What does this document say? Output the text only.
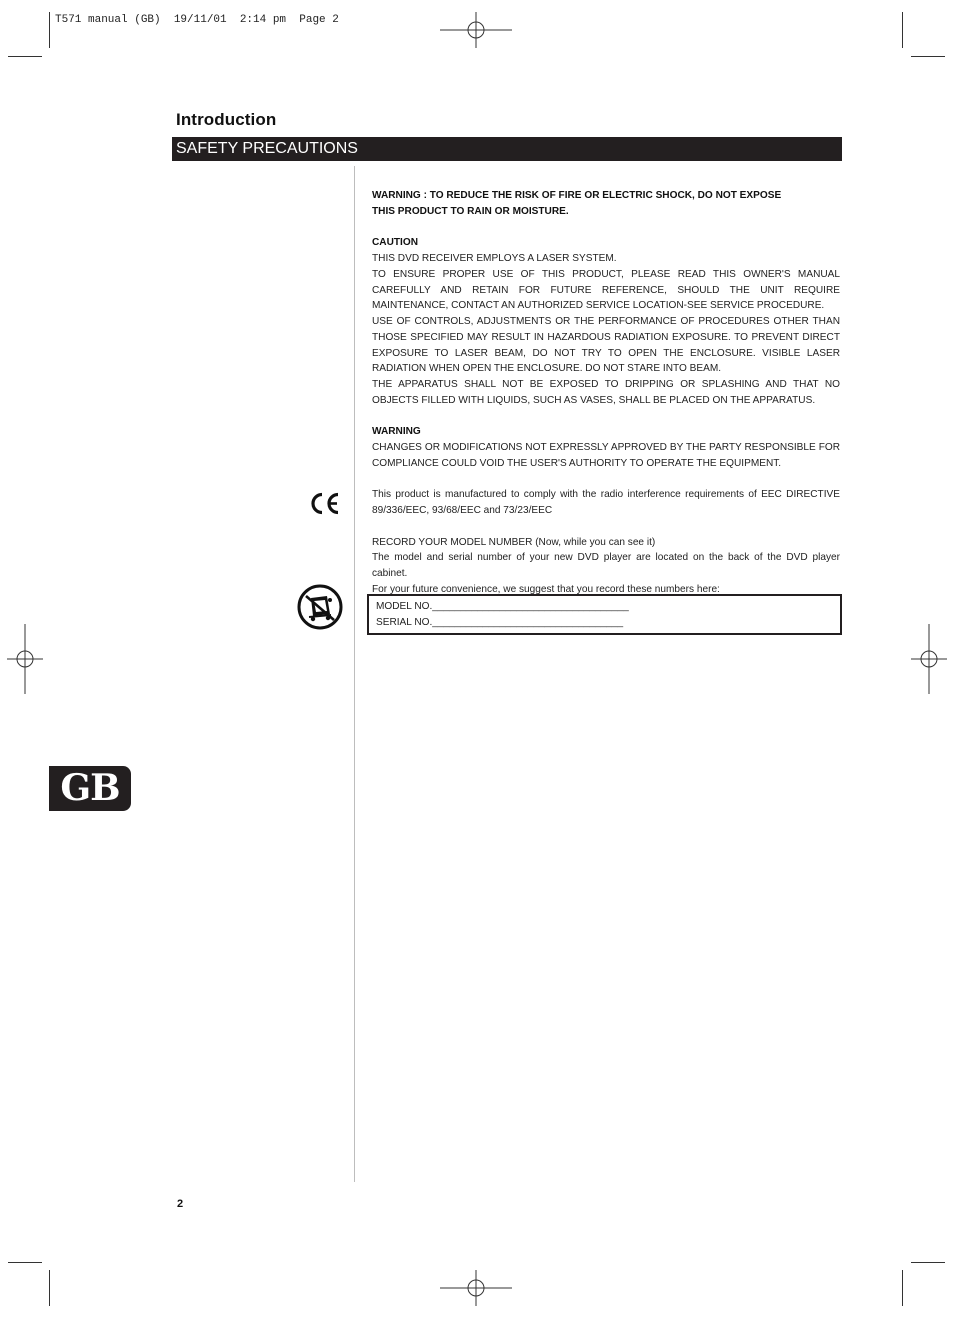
T571 manual (GB)  19/11/01  2:14 pm  Page 2
Introduction
SAFETY PRECAUTIONS

WARNING : TO REDUCE THE RISK OF FIRE OR ELECTRIC SHOCK, DO NOT EXPOSE

THIS PRODUCT TO RAIN OR MOISTURE.

CAUTION

THIS DVD RECEIVER EMPLOYS A LASER SYSTEM.

TO ENSURE PROPER USE OF THIS PRODUCT, PLEASE READ THIS OWNER'S MANUAL CAREFULLY AND RETAIN FOR FUTURE REFERENCE, SHOULD THE UNIT REQUIRE MAINTENANCE, CONTACT AN AUTHORIZED SERVICE LOCATION-SEE SERVICE PROCEDURE.

USE OF CONTROLS, ADJUSTMENTS OR THE PERFORMANCE OF PROCEDURES OTHER THAN THOSE SPECIFIED MAY RESULT IN HAZARDOUS RADIATION EXPOSURE. TO PREVENT DIRECT EXPOSURE TO LASER BEAM, DO NOT TRY TO OPEN THE ENCLOSURE. VISIBLE LASER RADIATION WHEN OPEN THE ENCLOSURE. DO NOT STARE INTO BEAM.

THE APPARATUS SHALL NOT BE EXPOSED TO DRIPPING OR SPLASHING AND THAT NO OBJECTS FILLED WITH LIQUIDS, SUCH AS VASES, SHALL BE PLACED ON THE APPARATUS.

WARNING

CHANGES OR MODIFICATIONS NOT EXPRESSLY APPROVED BY THE PARTY RESPONSIBLE FOR COMPLIANCE COULD VOID THE USER'S AUTHORITY TO OPERATE THE EQUIPMENT.

This product is manufactured to comply with the radio interference requirements of EEC DIRECTIVE 89/336/EEC, 93/68/EEC and 73/23/EEC

RECORD YOUR MODEL NUMBER (Now, while you can see it)

The model and serial number of your new DVD player are located on the back of the DVD player cabinet.

For your future convenience, we suggest that you record these numbers here:

MODEL NO.___________________________________
SERIAL NO.__________________________________
GB
2
